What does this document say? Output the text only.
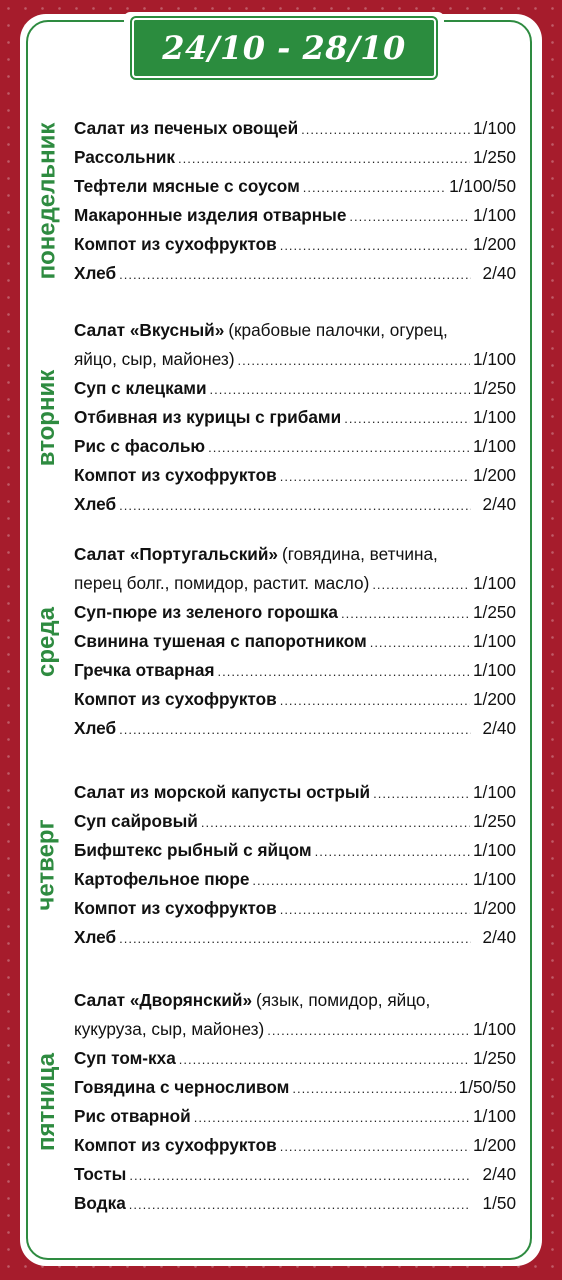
24/10 - 28/10
понедельник Салат из печеных овощей .....	1/100
Рассольник .....	1/250
Тефтели мясные с соусом .....	1/100/50
Макаронные изделия отварные .....	1/100
Компот из сухофруктов .....	1/200
Хлеб .....	2/40
вторник
Салат «Вкусный» (крабовые палочки, огурец,
яйцо, сыр, майонез) .....	1/100
Суп с клецками .....	1/250
Отбивная из курицы с грибами .....	1/100
Рис с фасолью .....	1/100
Компот из сухофруктов .....	1/200
Хлеб .....	2/40
среда
Салат «Португальский» (говядина, ветчина,
перец болг., помидор, растит. масло) .....	1/100
Суп-пюре из зеленого горошка .....	1/250
Свинина тушеная с папоротником .....	1/100
Гречка отварная .....	1/100
Компот из сухофруктов .....	1/200
Хлеб .....	2/40
четверг
Салат из морской капусты острый .....	1/100
Суп сайровый .....	1/250
Бифштекс рыбный с яйцом .....	1/100
Картофельное пюре .....	1/100
Компот из сухофруктов .....	1/200
Хлеб .....	2/40
пятница
Салат «Дворянский» (язык, помидор, яйцо,
кукуруза, сыр, майонез) .....	1/100
Суп том-кха .....	1/250
Говядина с черносливом .....	1/50/50
Рис отварной .....	1/100
Компот из сухофруктов .....	1/200
Тосты .....	2/40
Водка .....	1/50
